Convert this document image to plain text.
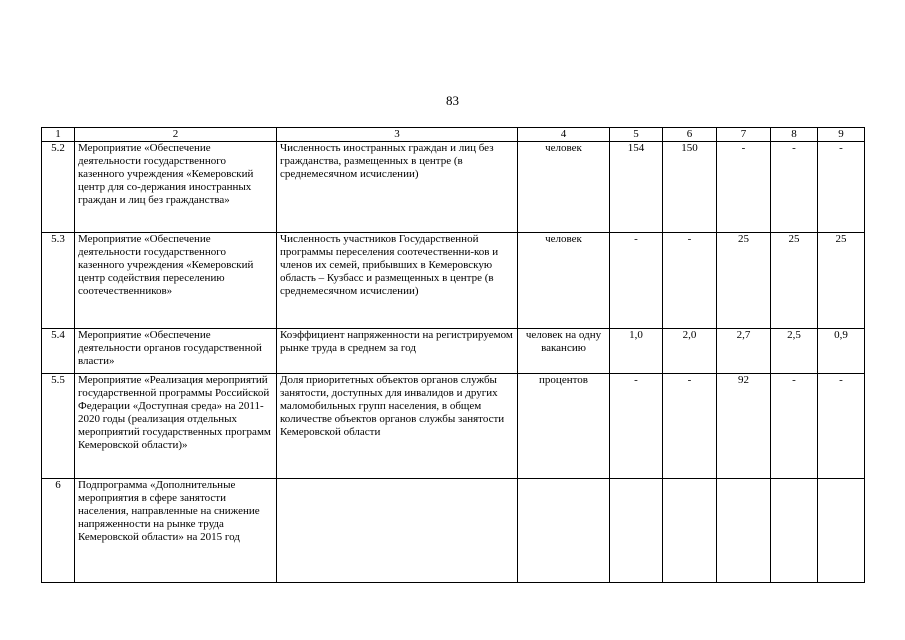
83
1	2	3	4	5	6	7	8	9
5.2	Мероприятие «Обеспечение деятельности государственного казенного учреждения «Кемеровский центр для со-держания иностранных граждан и лиц без гражданства»	Численность иностранных граждан и лиц без гражданства, размещенных в центре (в среднемесячном исчислении)	человек	154	150	-	-	-
5.3	Мероприятие «Обеспечение деятельности государственного казенного учреждения «Кемеровский центр содействия переселению соотечественников»	Численность участников Государственной программы переселения соотечественни-ков и членов их семей, прибывших в Кемеровскую область – Кузбасс и размещенных в центре (в среднемесячном исчислении)	человек	-	-	25	25	25
5.4	Мероприятие «Обеспечение деятельности органов государственной власти»	Коэффициент напряженности на регистрируемом рынке труда в среднем за год	человек на одну вакансию	1,0	2,0	2,7	2,5	0,9
5.5	Мероприятие «Реализация мероприятий государственной программы Российской Федерации «Доступная среда» на 2011-2020 годы (реализация отдельных мероприятий государственных программ Кемеровской области)»	Доля приоритетных объектов органов службы занятости, доступных для инвалидов и других маломобильных групп населения, в общем количестве объектов органов службы занятости Кемеровской области	процентов	-	-	92	-	-
6	Подпрограмма «Дополнительные мероприятия в сфере занятости населения, направленные на снижение напряженности на рынке труда Кемеровской области» на 2015 год							
